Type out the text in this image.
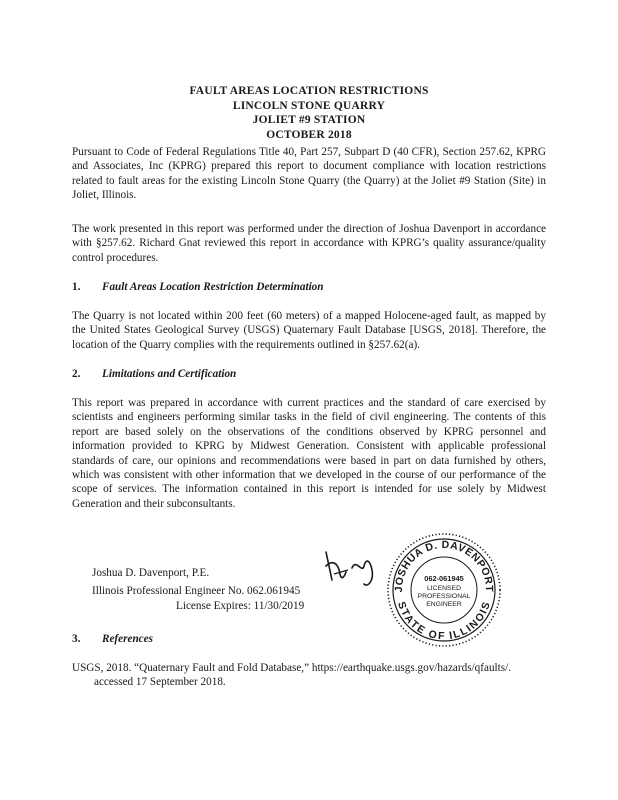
FAULT AREAS LOCATION RESTRICTIONS
LINCOLN STONE QUARRY
JOLIET #9 STATION
OCTOBER 2018

Pursuant to Code of Federal Regulations Title 40, Part 257, Subpart D (40 CFR), Section 257.62, KPRG and Associates, Inc (KPRG) prepared this report to document compliance with location restrictions related to fault areas for the existing Lincoln Stone Quarry (the Quarry) at the Joliet #9 Station (Site) in Joliet, Illinois.

The work presented in this report was performed under the direction of Joshua Davenport in accordance with §257.62. Richard Gnat reviewed this report in accordance with KPRG’s quality assurance/quality control procedures.

1. Fault Areas Location Restriction Determination

The Quarry is not located within 200 feet (60 meters) of a mapped Holocene-aged fault, as mapped by the United States Geological Survey (USGS) Quaternary Fault Database [USGS, 2018]. Therefore, the location of the Quarry complies with the requirements outlined in §257.62(a).

2. Limitations and Certification

This report was prepared in accordance with current practices and the standard of care exercised by scientists and engineers performing similar tasks in the field of civil engineering. The contents of this report are based solely on the observations of the conditions observed by KPRG personnel and information provided to KPRG by Midwest Generation. Consistent with applicable professional standards of care, our opinions and recommendations were based in part on data furnished by others, which was consistent with other information that we developed in the course of our performance of the scope of services. The information contained in this report is intended for use solely by Midwest Generation and their subconsultants.

Joshua D. Davenport, P.E.
Illinois Professional Engineer No. 062.061945
License Expires: 11/30/2019
JOSHUA D. DAVENPORT
STATE OF ILLINOIS
062-061945
LICENSED
PROFESSIONAL
ENGINEER
3. References
USGS, 2018. “Quaternary Fault and Fold Database,” https://earthquake.usgs.gov/hazards/qfaults/.
accessed 17 September 2018.
